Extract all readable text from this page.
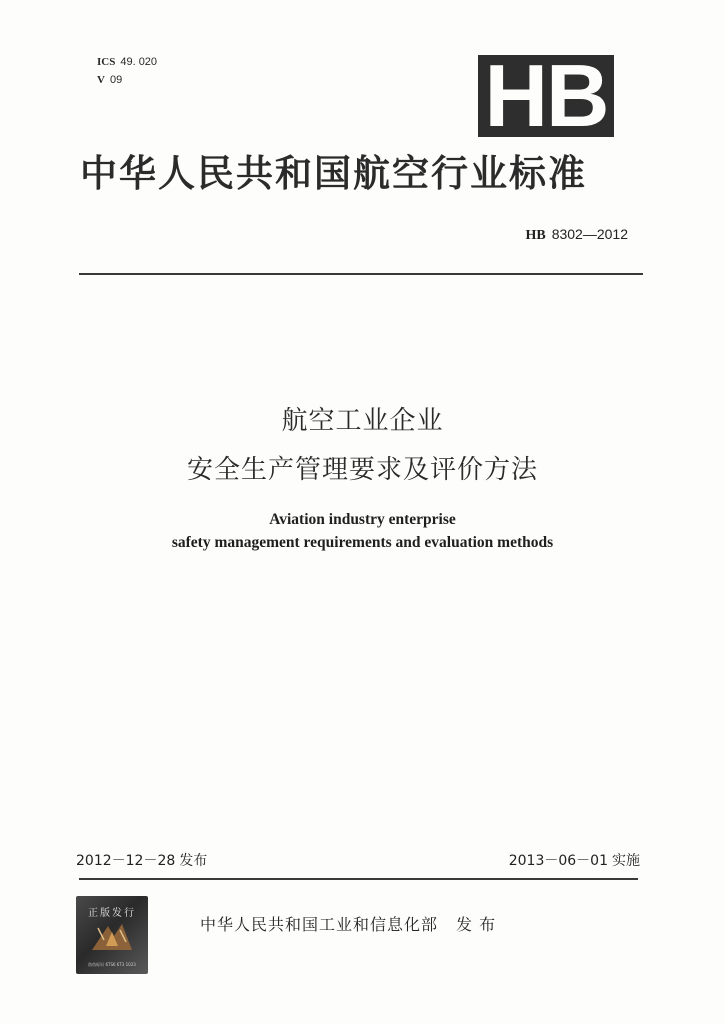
ICS 49. 020
V 09	HB
中华人民共和国航空行业标准
HB 8302—2012
航空工业企业
安全生产管理要求及评价方法
Aviation industry enterprise
safety management requirements and evaluation methods
2012－12－28 发布	2013－06－01 实施
正版发行
防伪标识 6TS6 6T3 1023
中华人民共和国工业和信息化部 发 布
